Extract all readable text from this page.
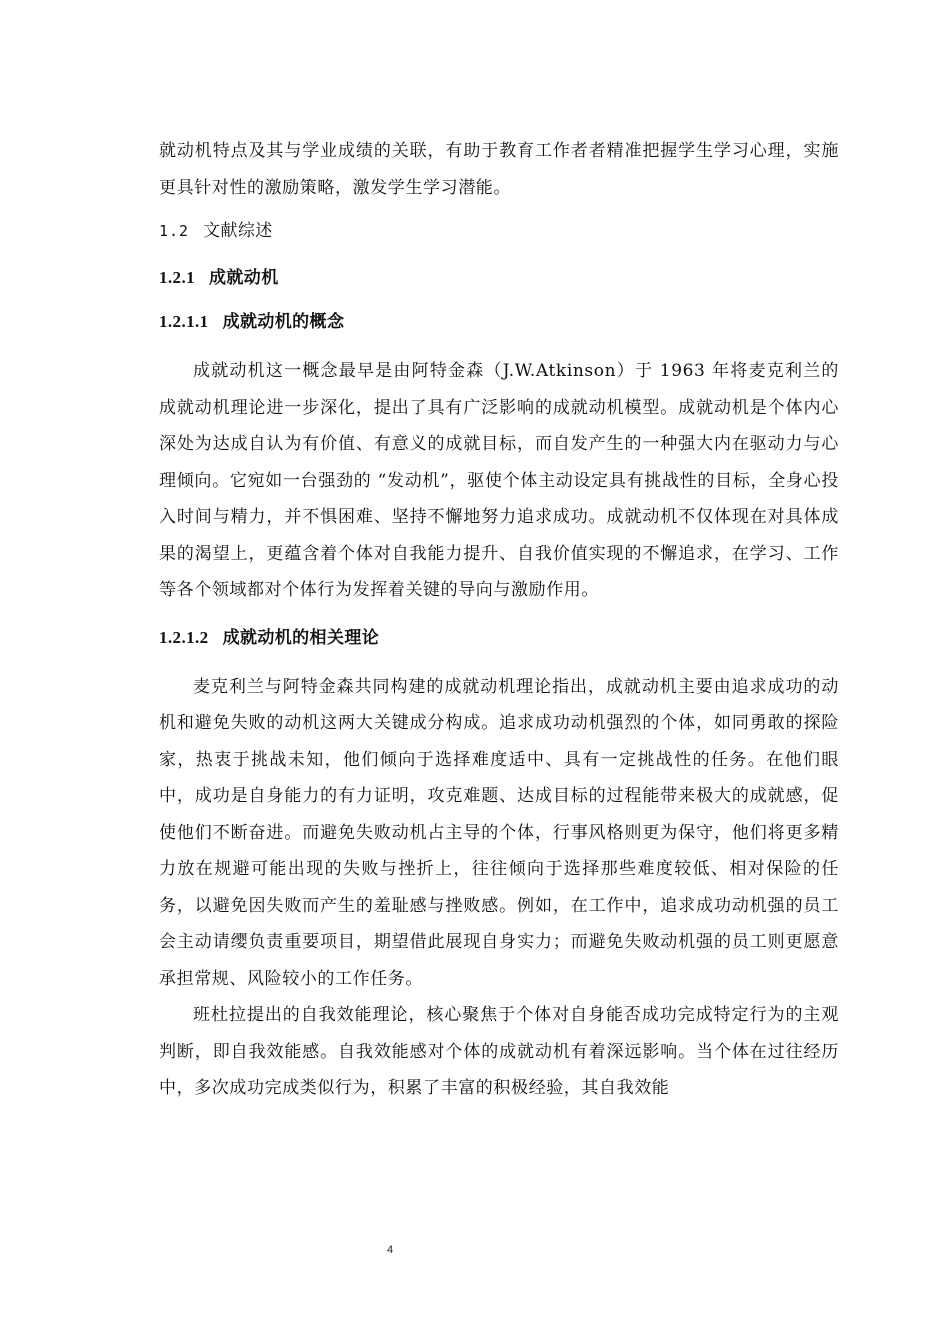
就动机特点及其与学业成绩的关联，有助于教育工作者者精准把握学生学习心理，实施更具针对性的激励策略，激发学生学习潜能。

1.2 文献综述
1.2.1 成就动机
1.2.1.1 成就动机的概念

成就动机这一概念最早是由阿特金森（J.W.Atkinson）于 1963 年将麦克利兰的成就动机理论进一步深化，提出了具有广泛影响的成就动机模型。成就动机是个体内心深处为达成自认为有价值、有意义的成就目标，而自发产生的一种强大内在驱动力与心理倾向。它宛如一台强劲的 “发动机”，驱使个体主动设定具有挑战性的目标，全身心投入时间与精力，并不惧困难、坚持不懈地努力追求成功。成就动机不仅体现在对具体成果的渴望上，更蕴含着个体对自我能力提升、自我价值实现的不懈追求，在学习、工作等各个领域都对个体行为发挥着关键的导向与激励作用。

1.2.1.2 成就动机的相关理论

麦克利兰与阿特金森共同构建的成就动机理论指出，成就动机主要由追求成功的动机和避免失败的动机这两大关键成分构成。追求成功动机强烈的个体，如同勇敢的探险家，热衷于挑战未知，他们倾向于选择难度适中、具有一定挑战性的任务。在他们眼中，成功是自身能力的有力证明，攻克难题、达成目标的过程能带来极大的成就感，促使他们不断奋进。而避免失败动机占主导的个体，行事风格则更为保守，他们将更多精力放在规避可能出现的失败与挫折上，往往倾向于选择那些难度较低、相对保险的任务，以避免因失败而产生的羞耻感与挫败感。例如，在工作中，追求成功动机强的员工会主动请缨负责重要项目，期望借此展现自身实力；而避免失败动机强的员工则更愿意承担常规、风险较小的工作任务。

班杜拉提出的自我效能理论，核心聚焦于个体对自身能否成功完成特定行为的主观判断，即自我效能感。自我效能感对个体的成就动机有着深远影响。当个体在过往经历中，多次成功完成类似行为，积累了丰富的积极经验，其自我效能

4
